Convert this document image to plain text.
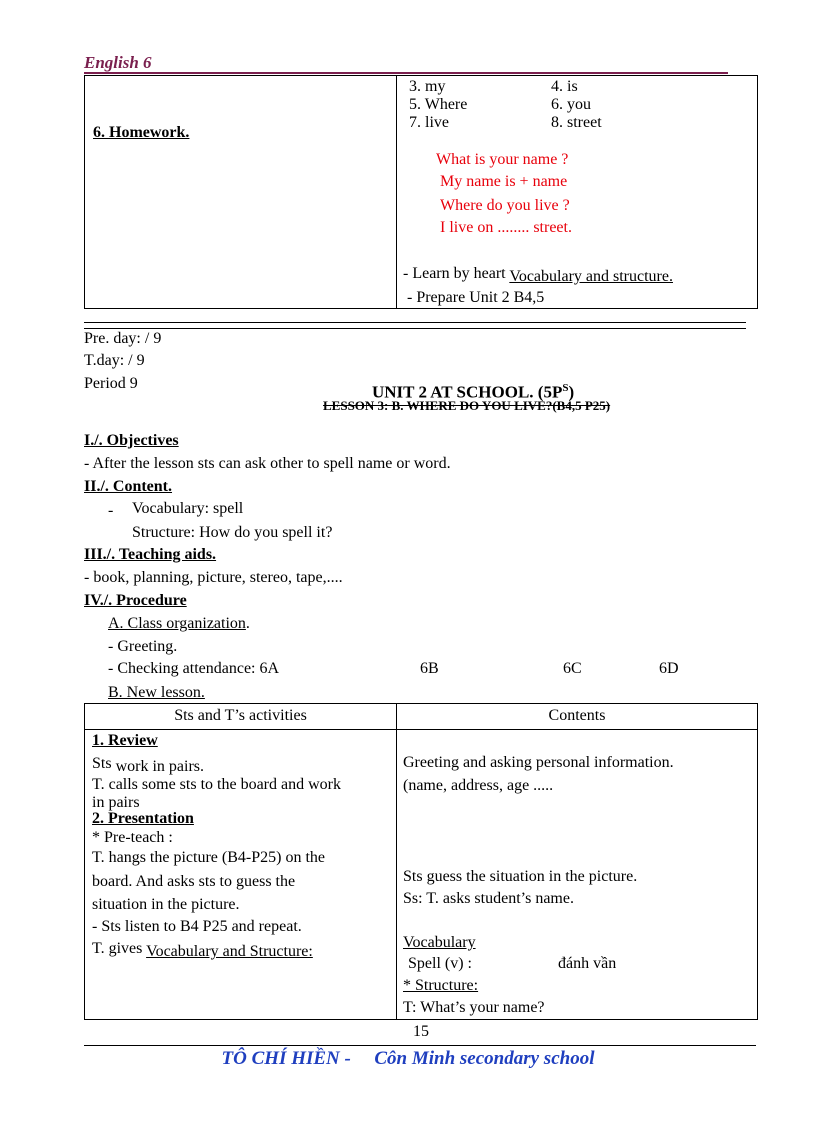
English 6
6. Homework.
3. my	4. is
5. Where	6. you
7. live	8. street
What is your name ?
My name is + name
Where do you live ?
I live on ........ street.
- Learn by heart Vocabulary and structure.
- Prepare Unit 2 B4,5
Pre. day: / 9
T.day: / 9
Period 9	UNIT 2 AT SCHOOL. $(5P^S)$
LESSON 3: B. WHERE DO YOU LIVE?(B4,5 P25)
I./. Objectives
- After the lesson sts can ask other to spell name or word.
II./. Content.
- Vocabulary: spell
Structure: How do you spell it?
III./. Teaching aids.
- book, planning, picture, stereo, tape,....
IV./. Procedure
A. Class organization.
- Greeting.
- Checking attendance: 6A	6B	6C	6D
B. New lesson.
Sts and T’s activities	Contents
1. Review
Sts work in pairs.
T. calls some sts to the board and work
in pairs
2. Presentation
* Pre-teach :
T. hangs the picture (B4-P25) on the
board. And asks sts to guess the
situation in the picture.
- Sts listen to B4 P25 and repeat.
T. gives Vocabulary and Structure:
Greeting and asking personal information.
(name, address, age .....
Sts guess the situation in the picture.
Ss: T. asks student’s name.
Vocabulary
Spell (v) :	đánh vần
* Structure:
T: What’s your name?
15
TÔ CHÍ HIỀN - Côn Minh secondary school
